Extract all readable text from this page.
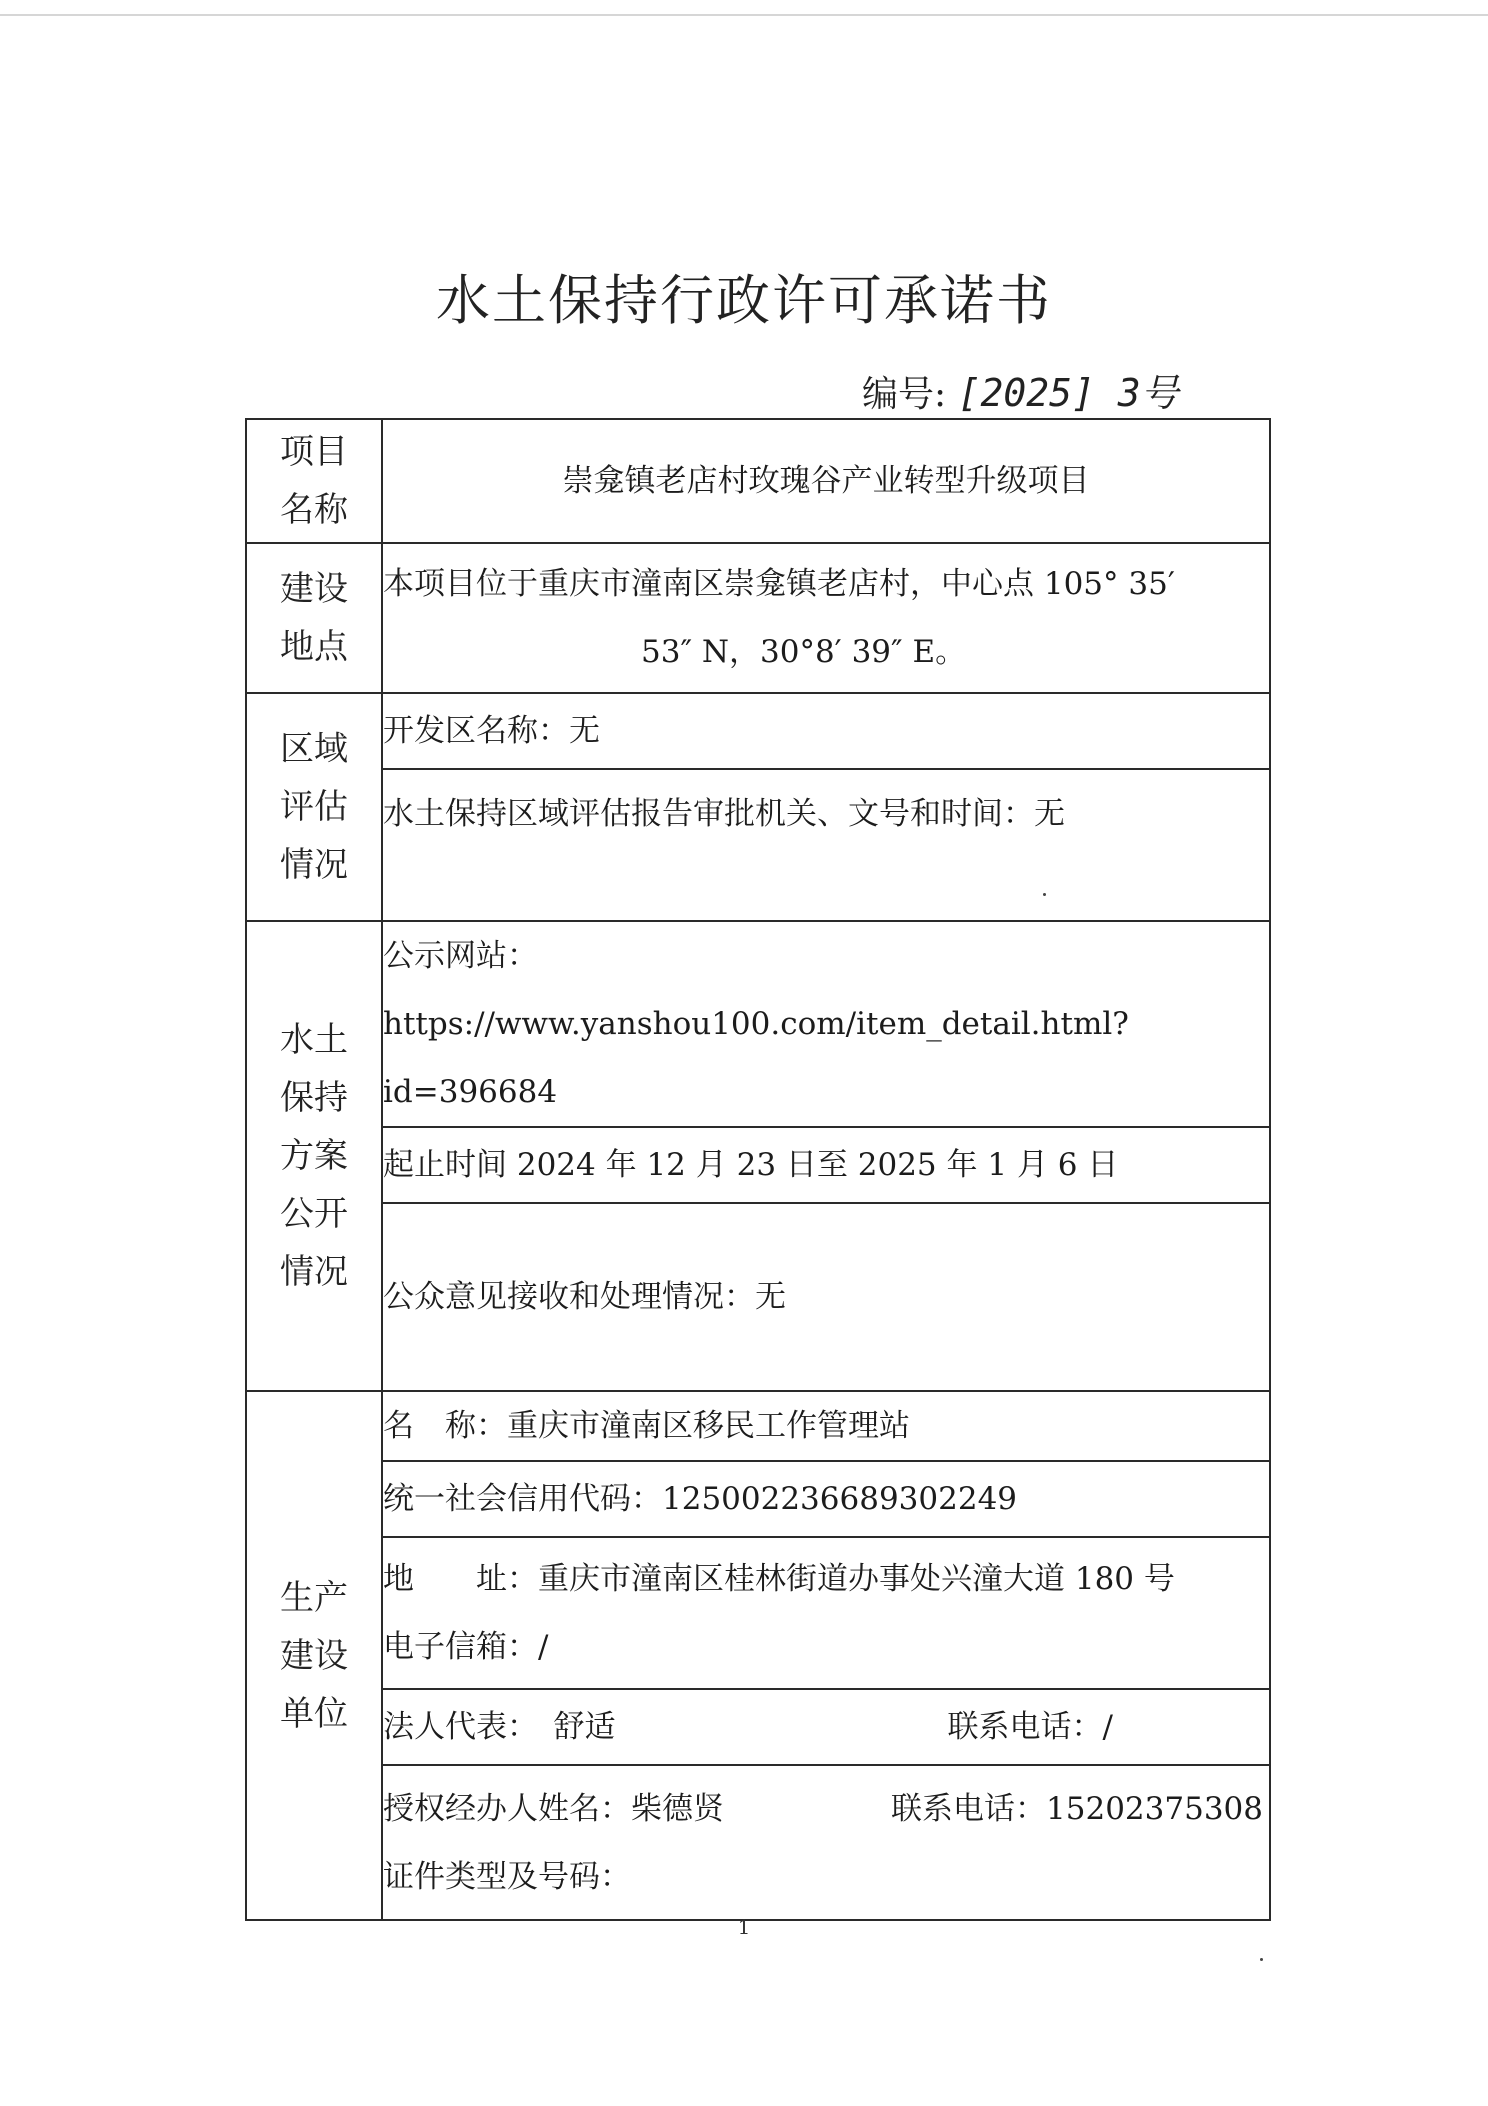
水土保持行政许可承诺书
编号: [2025] 3号
项目名称	崇龛镇老店村玫瑰谷产业转型升级项目
建设地点	本项目位于重庆市潼南区崇龛镇老店村，中心点 105° 35′
53″ N，30°8′ 39″ E。

区域评估情况	开发区名称：无
	水土保持区域评估报告审批机关、文号和时间：无
水土保持方案公开情况	公示网站：
https://www.yanshou100.com/item_detail.html?id=396684

	起止时间 2024 年 12 月 23 日至 2025 年 1 月 6 日
	公众意见接收和处理情况：无
生产建设单位	名　称：重庆市潼南区移民工作管理站
	统一社会信用代码：125002236689302249

	地　　址：重庆市潼南区桂林街道办事处兴潼大道 180 号
电子信箱：/

	法人代表：　舒适 联系电话：/

	授权经办人姓名：柴德贤 联系电话：15202375308
证件类型及号码：
1
